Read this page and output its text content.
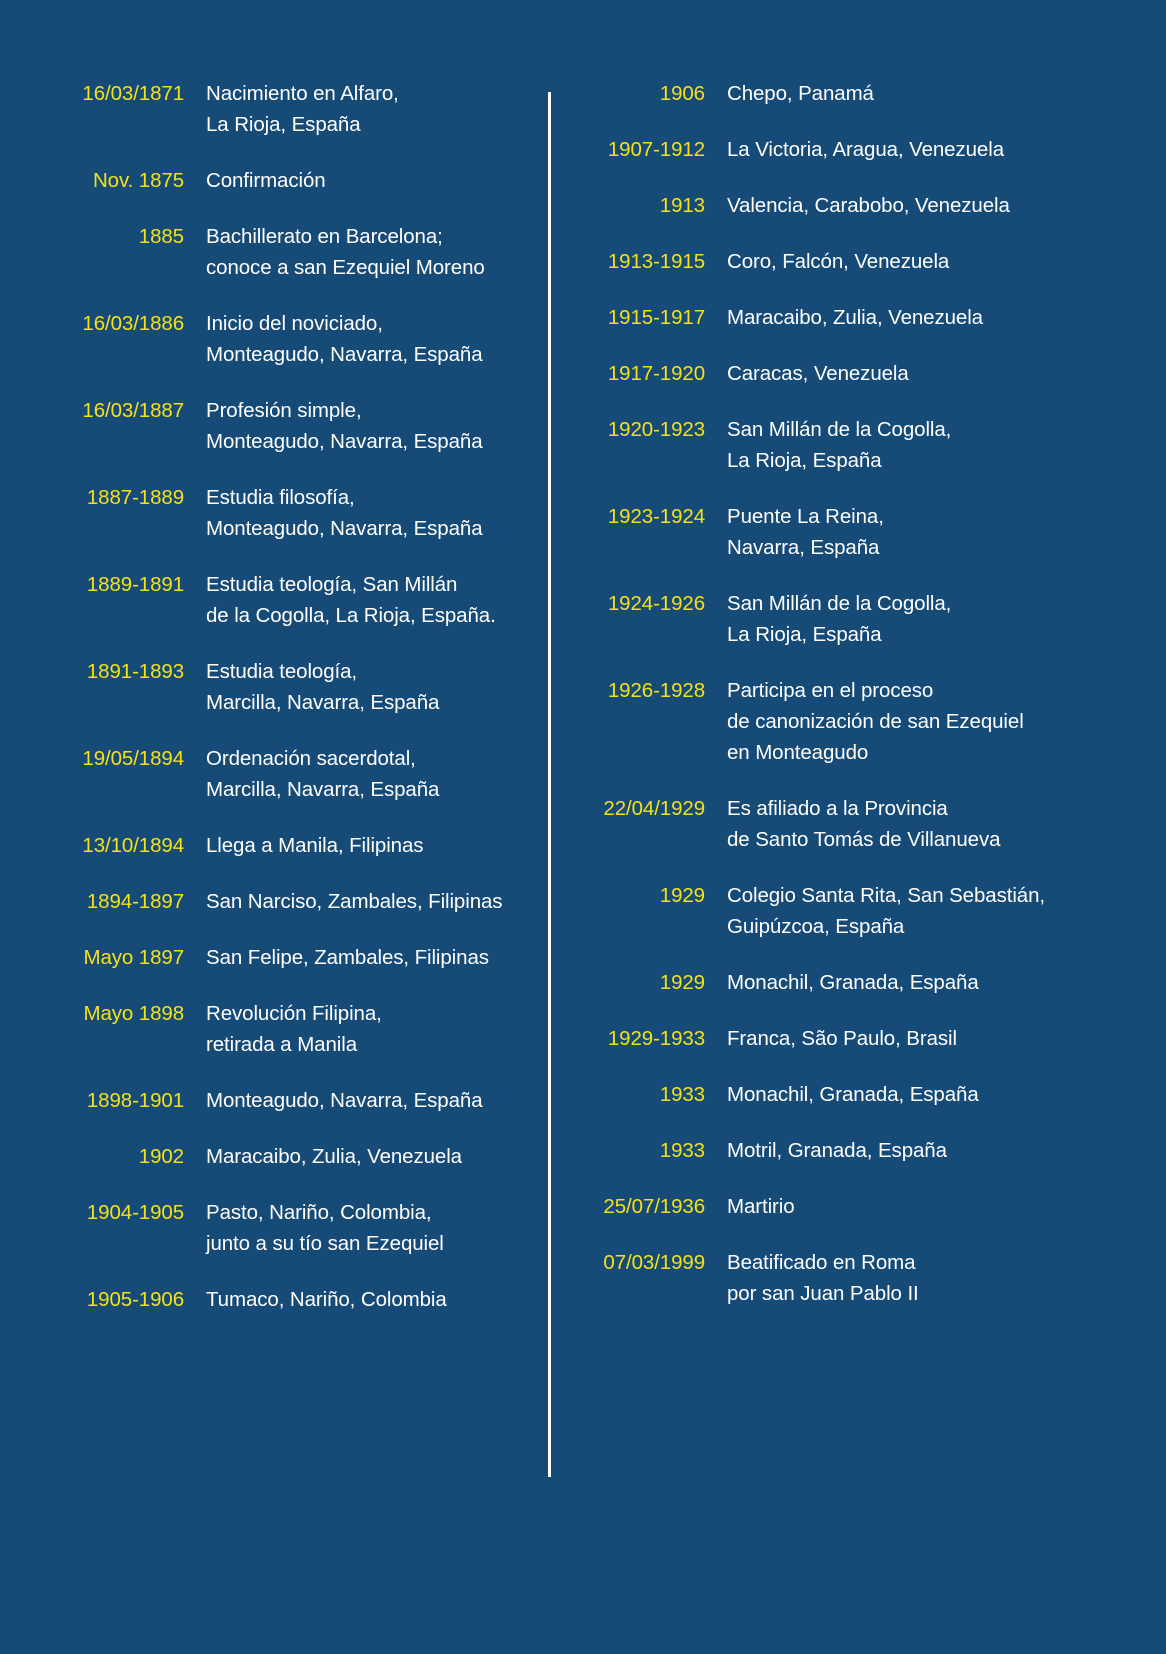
16/03/1871 Nacimiento en Alfaro,
La Rioja, España
Nov. 1875 Confirmación
1885 Bachillerato en Barcelona;
conoce a san Ezequiel Moreno
16/03/1886 Inicio del noviciado,
Monteagudo, Navarra, España
16/03/1887 Profesión simple,
Monteagudo, Navarra, España
1887-1889 Estudia filosofía,
Monteagudo, Navarra, España
1889-1891 Estudia teología, San Millán
de la Cogolla, La Rioja, España.
1891-1893 Estudia teología,
Marcilla, Navarra, España
19/05/1894 Ordenación sacerdotal,
Marcilla, Navarra, España
13/10/1894 Llega a Manila, Filipinas
1894-1897 San Narciso, Zambales, Filipinas
Mayo 1897 San Felipe, Zambales, Filipinas
Mayo 1898 Revolución Filipina,
retirada a Manila
1898-1901 Monteagudo, Navarra, España
1902 Maracaibo, Zulia, Venezuela
1904-1905 Pasto, Nariño, Colombia,
junto a su tío san Ezequiel
1905-1906 Tumaco, Nariño, Colombia
1906 Chepo, Panamá
1907-1912 La Victoria, Aragua, Venezuela
1913 Valencia, Carabobo, Venezuela
1913-1915 Coro, Falcón, Venezuela
1915-1917 Maracaibo, Zulia, Venezuela
1917-1920 Caracas, Venezuela
1920-1923 San Millán de la Cogolla,
La Rioja, España
1923-1924 Puente La Reina,
Navarra, España
1924-1926 San Millán de la Cogolla,
La Rioja, España
1926-1928 Participa en el proceso
de canonización de san Ezequiel
en Monteagudo
22/04/1929 Es afiliado a la Provincia
de Santo Tomás de Villanueva
1929 Colegio Santa Rita, San Sebastián,
Guipúzcoa, España
1929 Monachil, Granada, España
1929-1933 Franca, São Paulo, Brasil
1933 Monachil, Granada, España
1933 Motril, Granada, España
25/07/1936 Martirio
07/03/1999 Beatificado en Roma
por san Juan Pablo II
